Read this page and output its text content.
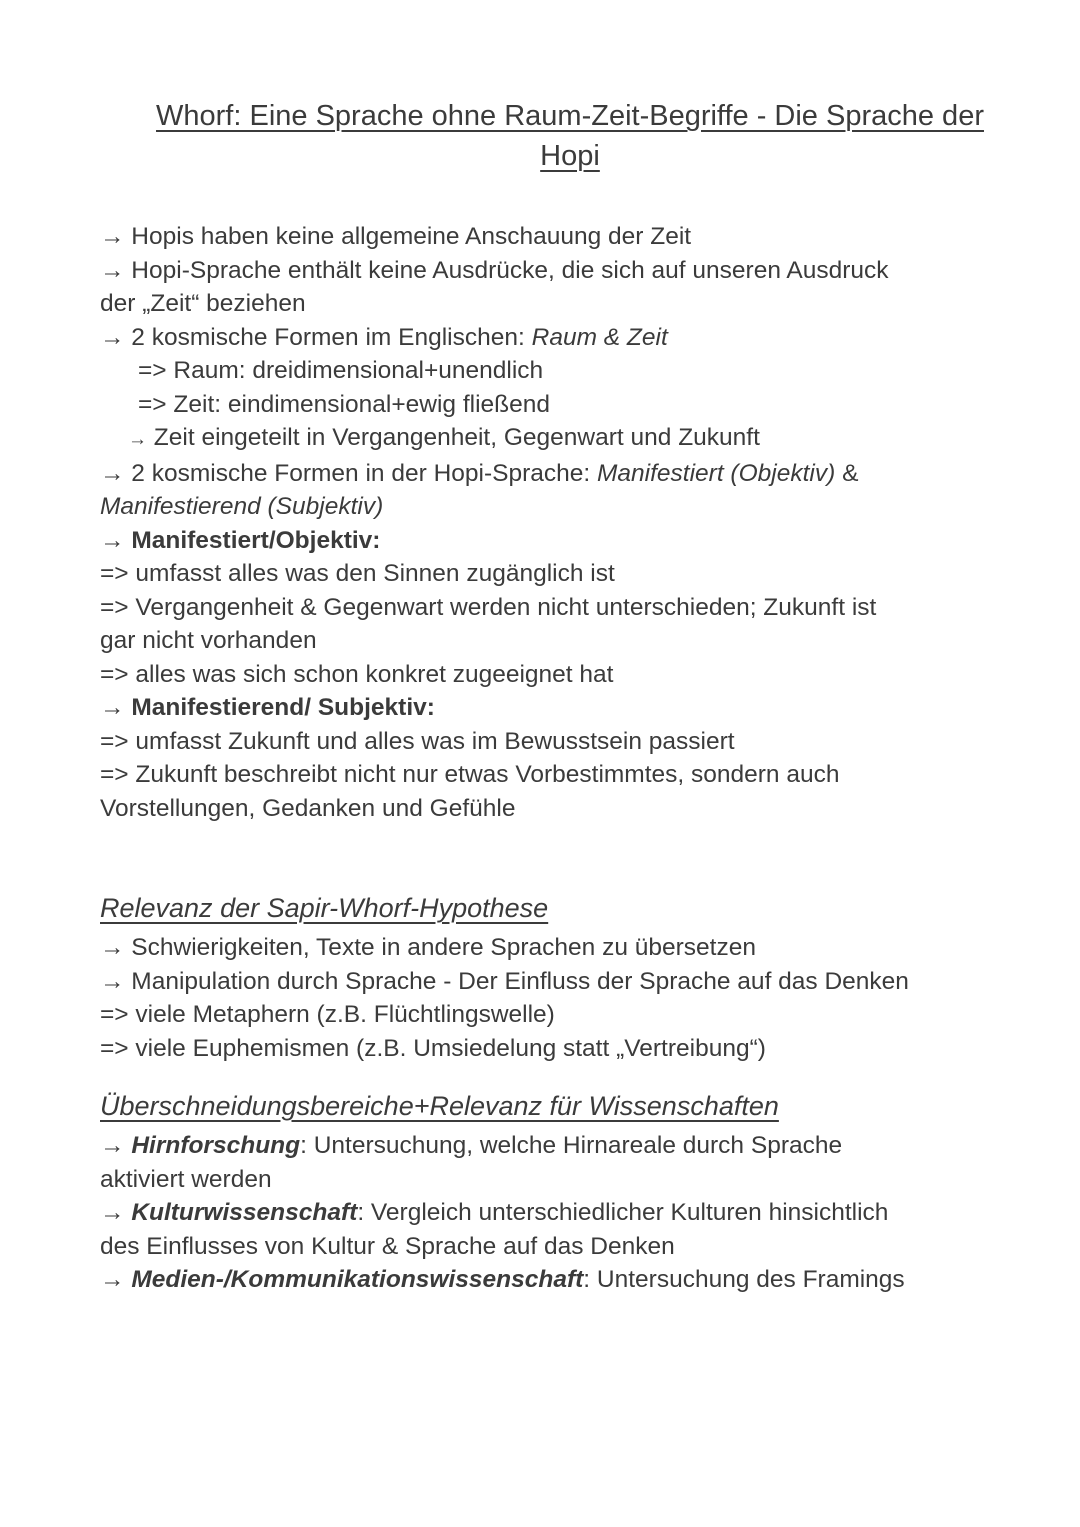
Whorf: Eine Sprache ohne Raum-Zeit-Begriffe - Die Sprache der
Hopi
→ Hopis haben keine allgemeine Anschauung der Zeit
→ Hopi-Sprache enthält keine Ausdrücke, die sich auf unseren Ausdruck
der „Zeit“ beziehen
→ 2 kosmische Formen im Englischen: Raum & Zeit
=> Raum: dreidimensional+unendlich
=> Zeit: eindimensional+ewig fließend
→ Zeit eingeteilt in Vergangenheit, Gegenwart und Zukunft
→ 2 kosmische Formen in der Hopi-Sprache: Manifestiert (Objektiv) &
Manifestierend (Subjektiv)
→ Manifestiert/Objektiv:
=> umfasst alles was den Sinnen zugänglich ist
=> Vergangenheit & Gegenwart werden nicht unterschieden; Zukunft ist
gar nicht vorhanden
=> alles was sich schon konkret zugeeignet hat
→ Manifestierend/ Subjektiv:
=> umfasst Zukunft und alles was im Bewusstsein passiert
=> Zukunft beschreibt nicht nur etwas Vorbestimmtes, sondern auch
Vorstellungen, Gedanken und Gefühle
Relevanz der Sapir-Whorf-Hypothese
→ Schwierigkeiten, Texte in andere Sprachen zu übersetzen
→ Manipulation durch Sprache - Der Einfluss der Sprache auf das Denken
=> viele Metaphern (z.B. Flüchtlingswelle)
=> viele Euphemismen (z.B. Umsiedelung statt „Vertreibung“)
Überschneidungsbereiche+Relevanz für Wissenschaften
→ Hirnforschung: Untersuchung, welche Hirnareale durch Sprache
aktiviert werden
→ Kulturwissenschaft: Vergleich unterschiedlicher Kulturen hinsichtlich
des Einflusses von Kultur & Sprache auf das Denken
→ Medien-/Kommunikationswissenschaft: Untersuchung des Framings
